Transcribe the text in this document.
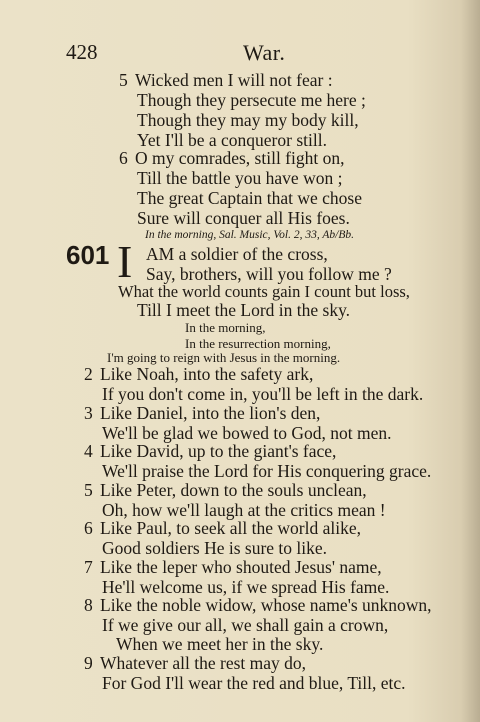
428	War.
5 Wicked men I will not fear :
Though they persecute me here ;
Though they may my body kill,
Yet I'll be a conqueror still.
6 O my comrades, still fight on,
Till the battle you have won ;
The great Captain that we chose
Sure will conquer all His foes.
In the morning, Sal. Music, Vol. 2, 33, Ab/Bb.
601 I AM a soldier of the cross,
Say, brothers, will you follow me ?
What the world counts gain I count but loss,
Till I meet the Lord in the sky.
In the morning,
In the resurrection morning,
I'm going to reign with Jesus in the morning.
2 Like Noah, into the safety ark,
If you don't come in, you'll be left in the dark.
3 Like Daniel, into the lion's den,
We'll be glad we bowed to God, not men.
4 Like David, up to the giant's face,
We'll praise the Lord for His conquering grace.
5 Like Peter, down to the souls unclean,
Oh, how we'll laugh at the critics mean !
6 Like Paul, to seek all the world alike,
Good soldiers He is sure to like.
7 Like the leper who shouted Jesus' name,
He'll welcome us, if we spread His fame.
8 Like the noble widow, whose name's unknown,
If we give our all, we shall gain a crown,
When we meet her in the sky.
9 Whatever all the rest may do,
For God I'll wear the red and blue, Till, etc.
